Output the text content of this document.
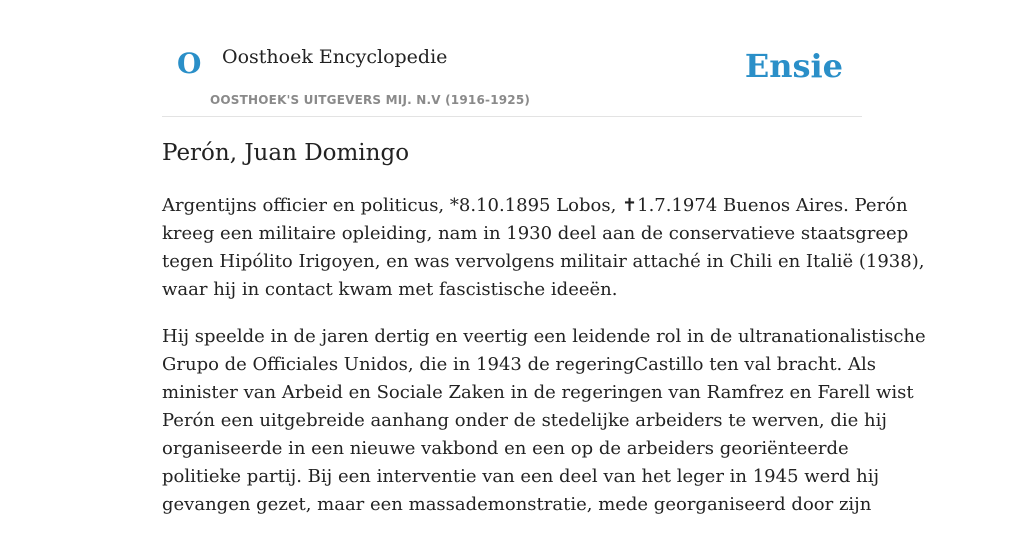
O Oosthoek Encyclopedie
OOSTHOEK'S UITGEVERS MIJ. N.V (1916-1925)
Ensie
Perón, Juan Domingo

Argentijns officier en politicus, *8.10.1895 Lobos, ✝1.7.1974 Buenos Aires. Perón
kreeg een militaire opleiding, nam in 1930 deel aan de conservatieve staatsgreep
tegen Hipólito Irigoyen, en was vervolgens militair attaché in Chili en Italië (1938),
waar hij in contact kwam met fascistische ideeën.

Hij speelde in de jaren dertig en veertig een leidende rol in de ultranationalistische
Grupo de Officiales Unidos, die in 1943 de regeringCastillo ten val bracht. Als
minister van Arbeid en Sociale Zaken in de regeringen van Ramfrez en Farell wist
Perón een uitgebreide aanhang onder de stedelijke arbeiders te werven, die hij
organiseerde in een nieuwe vakbond en een op de arbeiders georiënteerde
politieke partij. Bij een interventie van een deel van het leger in 1945 werd hij
gevangen gezet, maar een massademonstratie, mede georganiseerd door zijn
